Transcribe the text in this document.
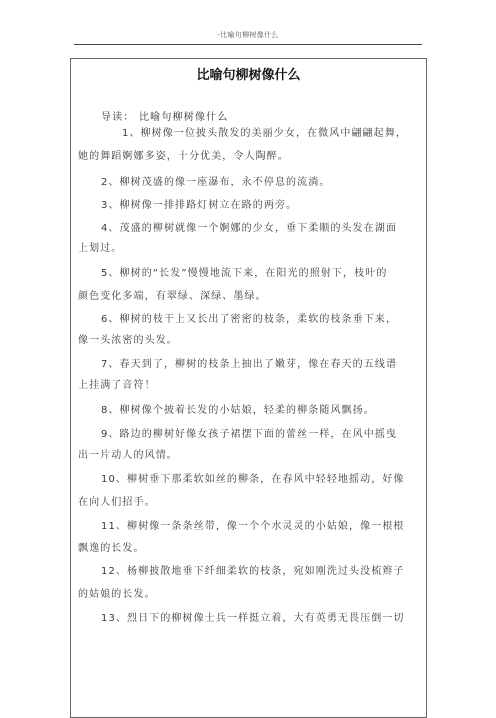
-比喻句柳树像什么
比喻句柳树像什么
导读： 比喻句柳树像什么
1、柳树像一位披头散发的美丽少女，在微风中翩翩起舞，
她的舞蹈婀娜多姿，十分优美，令人陶醉。
2、柳树茂盛的像一座瀑布，永不停息的流淌。
3、柳树像一排排路灯树立在路的两旁。
4、茂盛的柳树就像一个婀娜的少女，垂下柔顺的头发在湖面
上划过。
5、柳树的“长发”慢慢地流下来，在阳光的照射下，枝叶的
颜色变化多端，有翠绿、深绿、墨绿。
6、柳树的枝干上又长出了密密的枝条，柔软的枝条垂下来，
像一头浓密的头发。
7、春天到了，柳树的枝条上抽出了嫩芽，像在春天的五线谱
上挂满了音符！
8、柳树像个披着长发的小姑娘，轻柔的柳条随风飘扬。
9、路边的柳树好像女孩子裙摆下面的蕾丝一样，在风中摇曳
出一片动人的风情。
10、柳树垂下那柔软如丝的柳条，在春风中轻轻地摇动，好像
在向人们招手。
11、柳树像一条条丝带，像一个个水灵灵的小姑娘，像一根根
飘逸的长发。
12、杨柳披散地垂下纤细柔软的枝条，宛如刚洗过头没梳辫子
的姑娘的长发。
13、烈日下的柳树像士兵一样挺立着，大有英勇无畏压倒一切
